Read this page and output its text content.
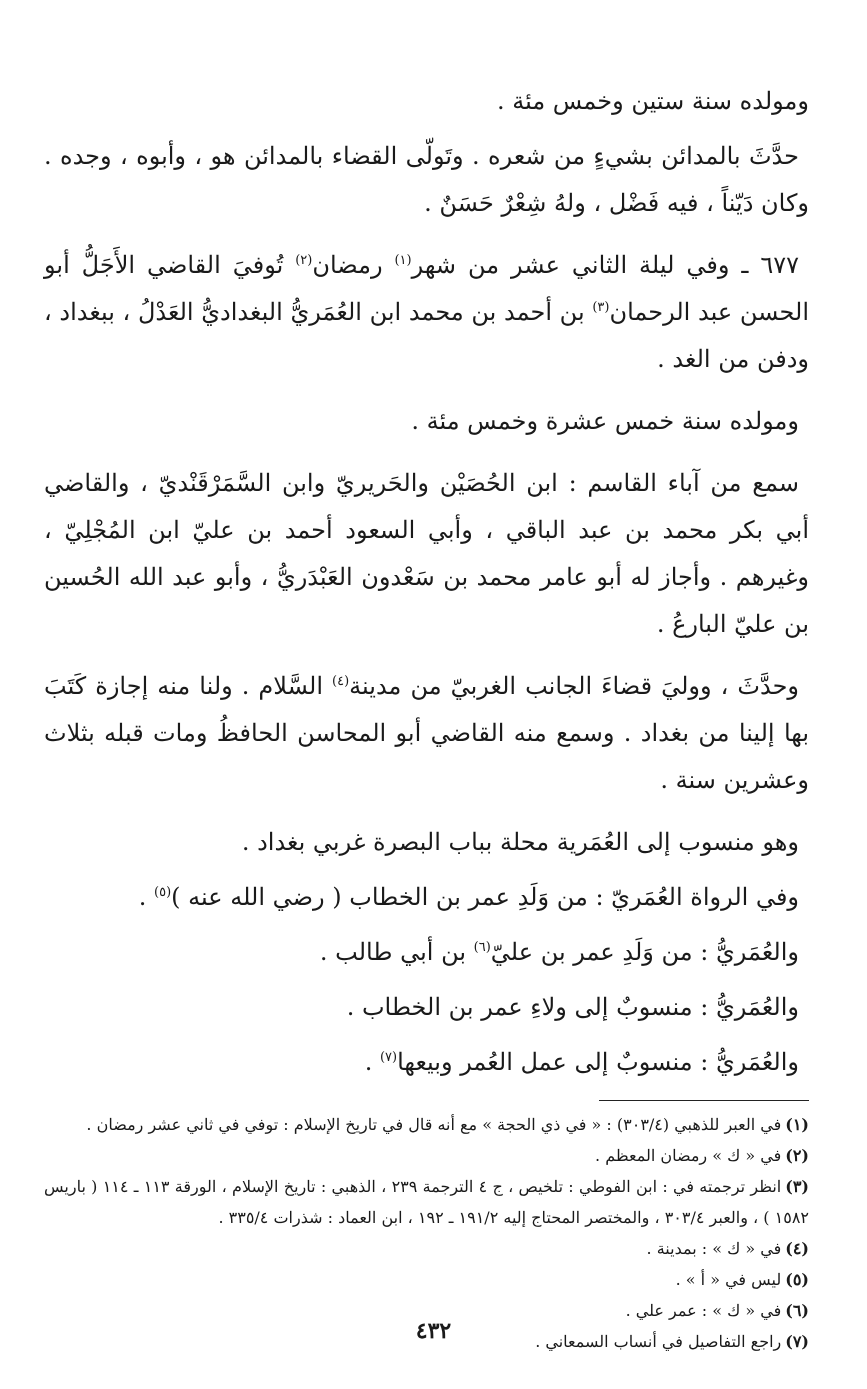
ومولده سنة ستين وخمس مئة .

حدَّثَ بالمدائن بشيءٍ من شعره . وتَولّى القضاء بالمدائن هو ، وأبوه ، وجده . وكان دَيّناً ، فيه فَضْل ، ولهُ شِعْرٌ حَسَنٌ .

٦٧٧ ـ وفي ليلة الثاني عشر من شهر$^{(١)}$ رمضان$^{(٢)}$ تُوفيَ القاضي الأَجَلُّ أبو الحسن عبد الرحمان$^{(٣)}$ بن أحمد بن محمد ابن العُمَريُّ البغداديُّ العَدْلُ ، ببغداد ، ودفن من الغد .

ومولده سنة خمس عشرة وخمس مئة .

سمع من آباء القاسم : ابن الحُصَيْن والحَريريّ وابن السَّمَرْقَنْديّ ، والقاضي أبي بكر محمد بن عبد الباقي ، وأبي السعود أحمد بن عليّ ابن المُجْلِيّ ، وغيرهم . وأجاز له أبو عامر محمد بن سَعْدون العَبْدَريُّ ، وأبو عبد الله الحُسين بن عليّ البارعُ .

وحدَّثَ ، ووليَ قضاءَ الجانب الغربيّ من مدينة$^{(٤)}$ السَّلام . ولنا منه إجازة كَتَبَ بها إلينا من بغداد . وسمع منه القاضي أبو المحاسن الحافظُ ومات قبله بثلاث وعشرين سنة .

وهو منسوب إلى العُمَرية محلة بباب البصرة غربي بغداد .

وفي الرواة العُمَريّ : من وَلَدِ عمر بن الخطاب ( رضي الله عنه )$^{(٥)}$ .

والعُمَريُّ : من وَلَدِ عمر بن عليّ$^{(٦)}$ بن أبي طالب .

والعُمَريُّ : منسوبٌ إلى ولاءِ عمر بن الخطاب .

والعُمَريُّ : منسوبٌ إلى عمل العُمر وبيعها$^{(٧)}$ .

(١)في العبر للذهبي (٣٠٣/٤) : « في ذي الحجة » مع أنه قال في تاريخ الإسلام : توفي في ثاني عشر رمضان .

(٢)في « ك » رمضان المعظم .

(٣)انظر ترجمته في : ابن الفوطي : تلخيص ، ج ٤ الترجمة ٢٣٩ ، الذهبي : تاريخ الإسلام ، الورقة ١١٣ ـ ١١٤ ( باريس ١٥٨٢ ) ، والعبر ٣٠٣/٤ ، والمختصر المحتاج إليه ١٩١/٢ ـ ١٩٢ ، ابن العماد : شذرات ٣٣٥/٤ .

(٤)في « ك » : بمدينة .

(٥)ليس في « أ » .

(٦)في « ك » : عمر علي .

(٧)راجع التفاصيل في أنساب السمعاني .

٤٣٢
